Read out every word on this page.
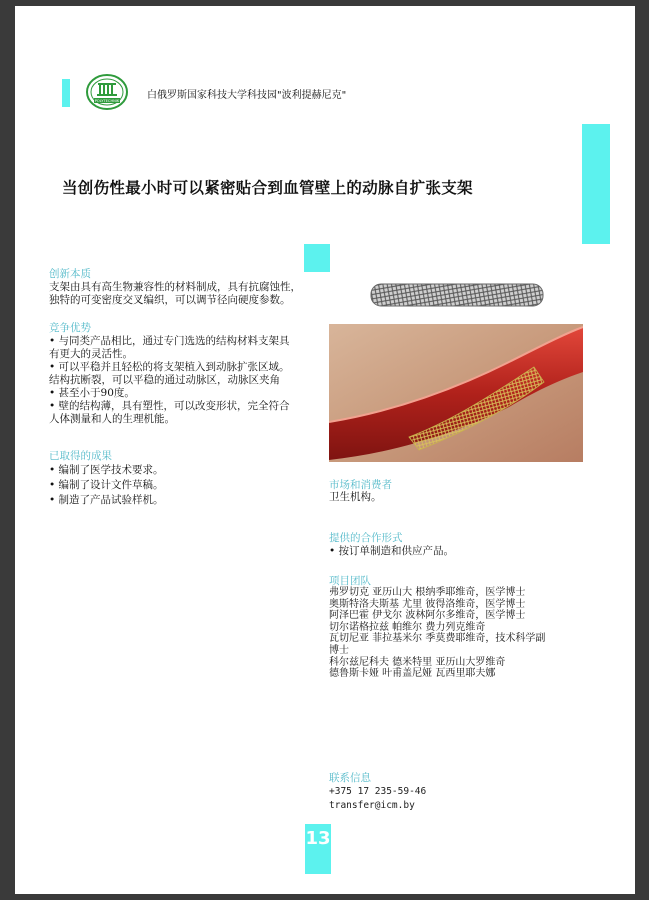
POLYTECHNIK	白俄罗斯国家科技大学科技园"波利提赫尼克"
当创伤性最小时可以紧密贴合到血管壁上的动脉自扩张支架
创新本质

支架由具有高生物兼容性的材料制成，具有抗腐蚀性，

独特的可变密度交叉编织，可以调节径向硬度参数。

竞争优势

• 与同类产品相比，通过专门选选的结构材料支架具

有更大的灵活性。

• 可以平稳并且轻松的将支架植入到动脉扩张区域。

结构抗断裂，可以平稳的通过动脉区，动脉区夹角

• 甚至小于90度。

• 壁的结构薄，具有塑性，可以改变形状，完全符合

人体测量和人的生理机能。

已取得的成果

• 编制了医学技术要求。

• 编制了设计文件草稿。

• 制造了产品试验样机。

市场和消费者
卫生机构。
提供的合作形式
• 按订单制造和供应产品。
项目团队

弗罗切克 亚历山大 根纳季耶维奇，医学博士

奥斯特洛夫斯基 尤里 彼得洛维奇，医学博士

阿泽巴霍 伊戈尔 波林阿尔多维奇，医学博士

切尔诺格拉兹 帕维尔 费力列克维奇

瓦切尼亚 菲拉基米尔 季莫费耶维奇，技术科学副

博士

科尔兹尼科夫 德米特里 亚历山大罗维奇

德鲁斯卡娅 叶甫盖尼娅 瓦西里耶夫娜

联系信息
+375 17 235-59-46
transfer@icm.by
13
